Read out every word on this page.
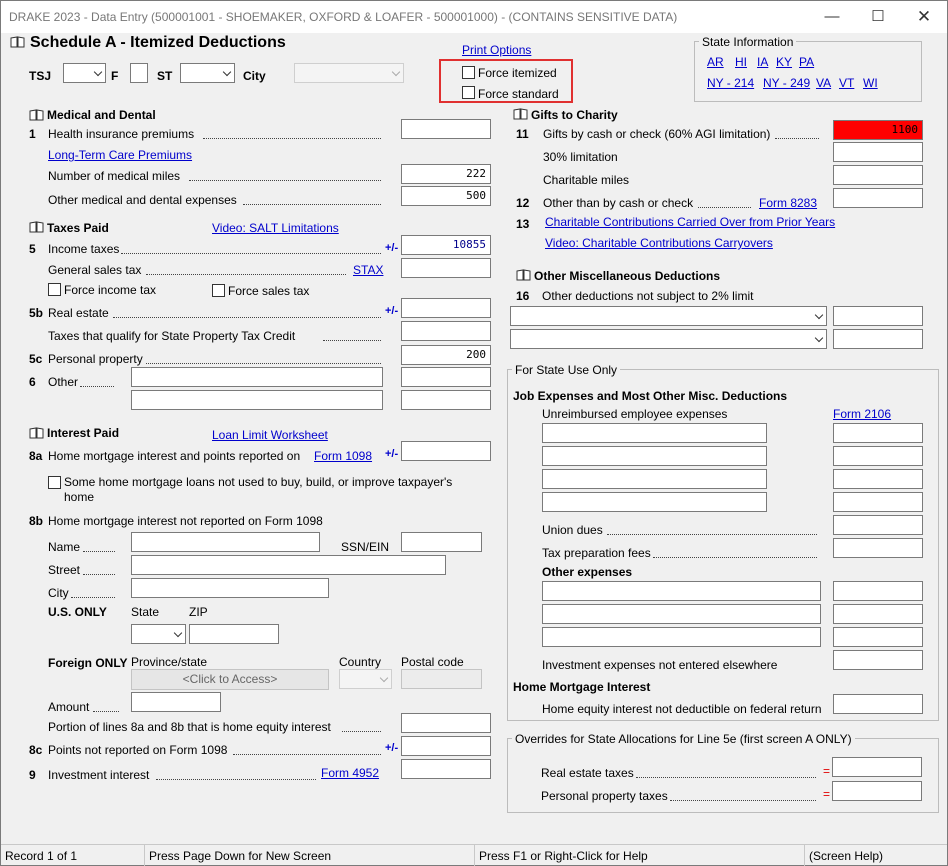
DRAKE 2023 - Data Entry (500001001 - SHOEMAKER, OXFORD & LOAFER - 500001000) - (CONTAINS SENSITIVE DATA)	—	☐	✕
Schedule A - Itemized Deductions
TSJ	F	ST	City
Print Options
Force itemized
Force standard
State Information
AR HI IA KY PA
NY - 214 NY - 249 VA VT WI
Medical and Dental
1 Health insurance premiums
Long-Term Care Premiums
Number of medical miles	222
Other medical and dental expenses	500
Taxes Paid	Video: SALT Limitations
5 Income taxes	+/-	10855
General sales tax	STAX
Force income tax	Force sales tax
5b Real estate	+/-
Taxes that qualify for State Property Tax Credit
5c Personal property	200
6 Other
Interest Paid	Loan Limit Worksheet
8a Home mortgage interest and points reported on Form 1098 +/-
Some home mortgage loans not used to buy, build, or improve taxpayer's
home
8b Home mortgage interest not reported on Form 1098
Name	SSN/EIN
Street
City
U.S. ONLY State ZIP
Foreign ONLY Province/state	Country Postal code
<Click to Access>
Amount
Portion of lines 8a and 8b that is home equity interest
8c Points not reported on Form 1098	+/-
9 Investment interest	Form 4952
Gifts to Charity
11 Gifts by cash or check (60% AGI limitation)	1100
30% limitation
Charitable miles
12 Other than by cash or check	Form 8283
13 Charitable Contributions Carried Over from Prior Years
Video: Charitable Contributions Carryovers
Other Miscellaneous Deductions
16 Other deductions not subject to 2% limit
For State Use Only
Job Expenses and Most Other Misc. Deductions
Unreimbursed employee expenses	Form 2106
Union dues
Tax preparation fees
Other expenses
Investment expenses not entered elsewhere
Home Mortgage Interest
Home equity interest not deductible on federal return
Overrides for State Allocations for Line 5e (first screen A ONLY)
Real estate taxes	=
Personal property taxes	=
Record 1 of 1	Press Page Down for New Screen	Press F1 or Right-Click for Help	(Screen Help)
